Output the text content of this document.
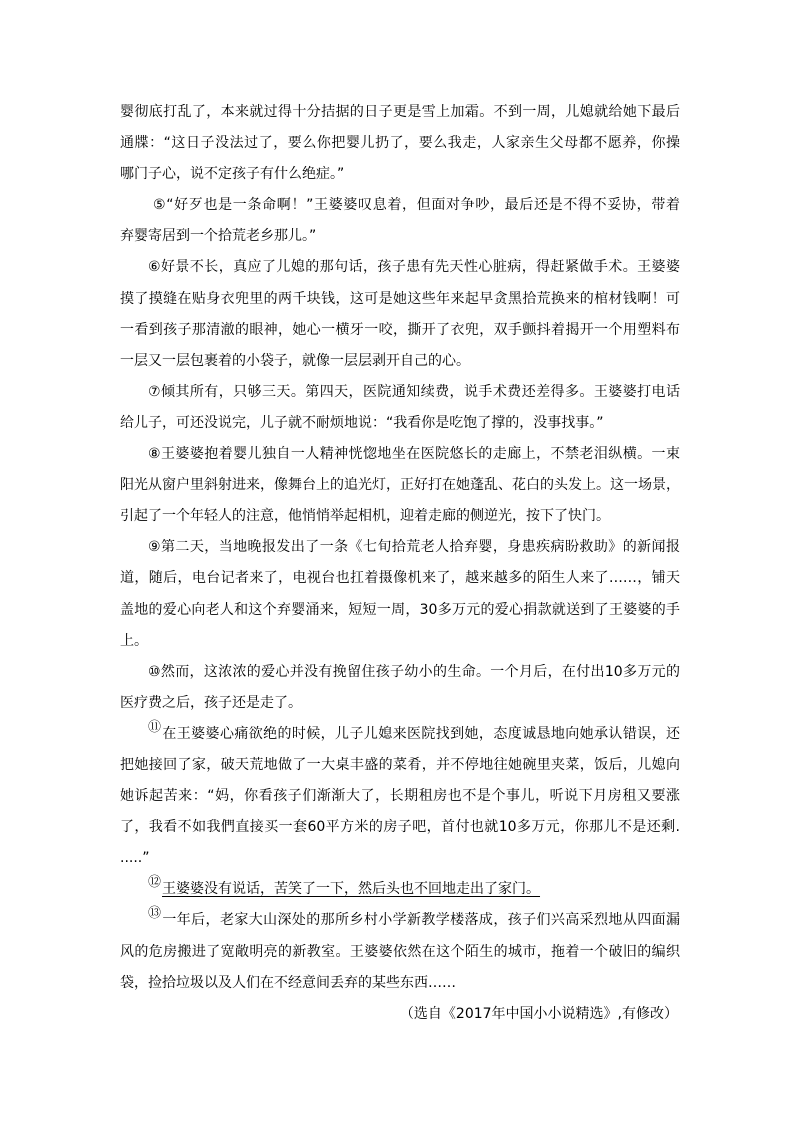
婴彻底打乱了，本来就过得十分拮据的日子更是雪上加霜。不到一周，儿媳就给她下最后
通牒：“这日子没法过了，要么你把婴儿扔了，要么我走，人家亲生父母都不愿养，你操
哪门子心，说不定孩子有什么绝症。”
⑤“好歹也是一条命啊！”王婆婆叹息着，但面对争吵，最后还是不得不妥协，带着
弃婴寄居到一个拾荒老乡那儿。”
⑥好景不长，真应了儿媳的那句话，孩子患有先天性心脏病，得赶紧做手术。王婆婆
摸了摸缝在贴身衣兜里的两千块钱，这可是她这些年来起早贪黑拾荒换来的棺材钱啊！可
一看到孩子那清澈的眼神，她心一横牙一咬，撕开了衣兜，双手颤抖着揭开一个用塑料布
一层又一层包裹着的小袋子，就像一层层剥开自己的心。
⑦倾其所有，只够三天。第四天，医院通知续费，说手术费还差得多。王婆婆打电话
给儿子，可还没说完，儿子就不耐烦地说：“我看你是吃饱了撑的，没事找事。”
⑧王婆婆抱着婴儿独自一人精神恍惚地坐在医院悠长的走廊上，不禁老泪纵横。一束
阳光从窗户里斜射进来，像舞台上的追光灯，正好打在她蓬乱、花白的头发上。这一场景，
引起了一个年轻人的注意，他悄悄举起相机，迎着走廊的侧逆光，按下了快门。
⑨第二天，当地晚报发出了一条《七旬拾荒老人拾弃婴，身患疾病盼救助》的新闻报
道，随后，电台记者来了，电视台也扛着摄像机来了，越来越多的陌生人来了……，铺天
盖地的爱心向老人和这个弃婴涌来，短短一周，30多万元的爱心捐款就送到了王婆婆的手
上。
⑩然而，这浓浓的爱心并没有挽留住孩子幼小的生命。一个月后，在付出10多万元的
医疗费之后，孩子还是走了。
⑪在王婆婆心痛欲绝的时候，儿子儿媳来医院找到她，态度诚恳地向她承认错误，还
把她接回了家，破天荒地做了一大桌丰盛的菜肴，并不停地往她碗里夹菜，饭后，儿媳向
她诉起苦来：“妈，你看孩子们渐渐大了，长期租房也不是个事儿，听说下月房租又要涨
了，我看不如我們直接买一套60平方米的房子吧，首付也就10多万元，你那儿不是还剩.
.....”
⑫王婆婆没有说话，苦笑了一下，然后头也不回地走出了家门。
⑬一年后，老家大山深处的那所乡村小学新教学楼落成，孩子们兴高采烈地从四面漏
风的危房搬进了宽敞明亮的新教室。王婆婆依然在这个陌生的城市，拖着一个破旧的编织
袋，捡拾垃圾以及人们在不经意间丢弃的某些东西……
（选自《2017年中国小小说精选》,有修改）
